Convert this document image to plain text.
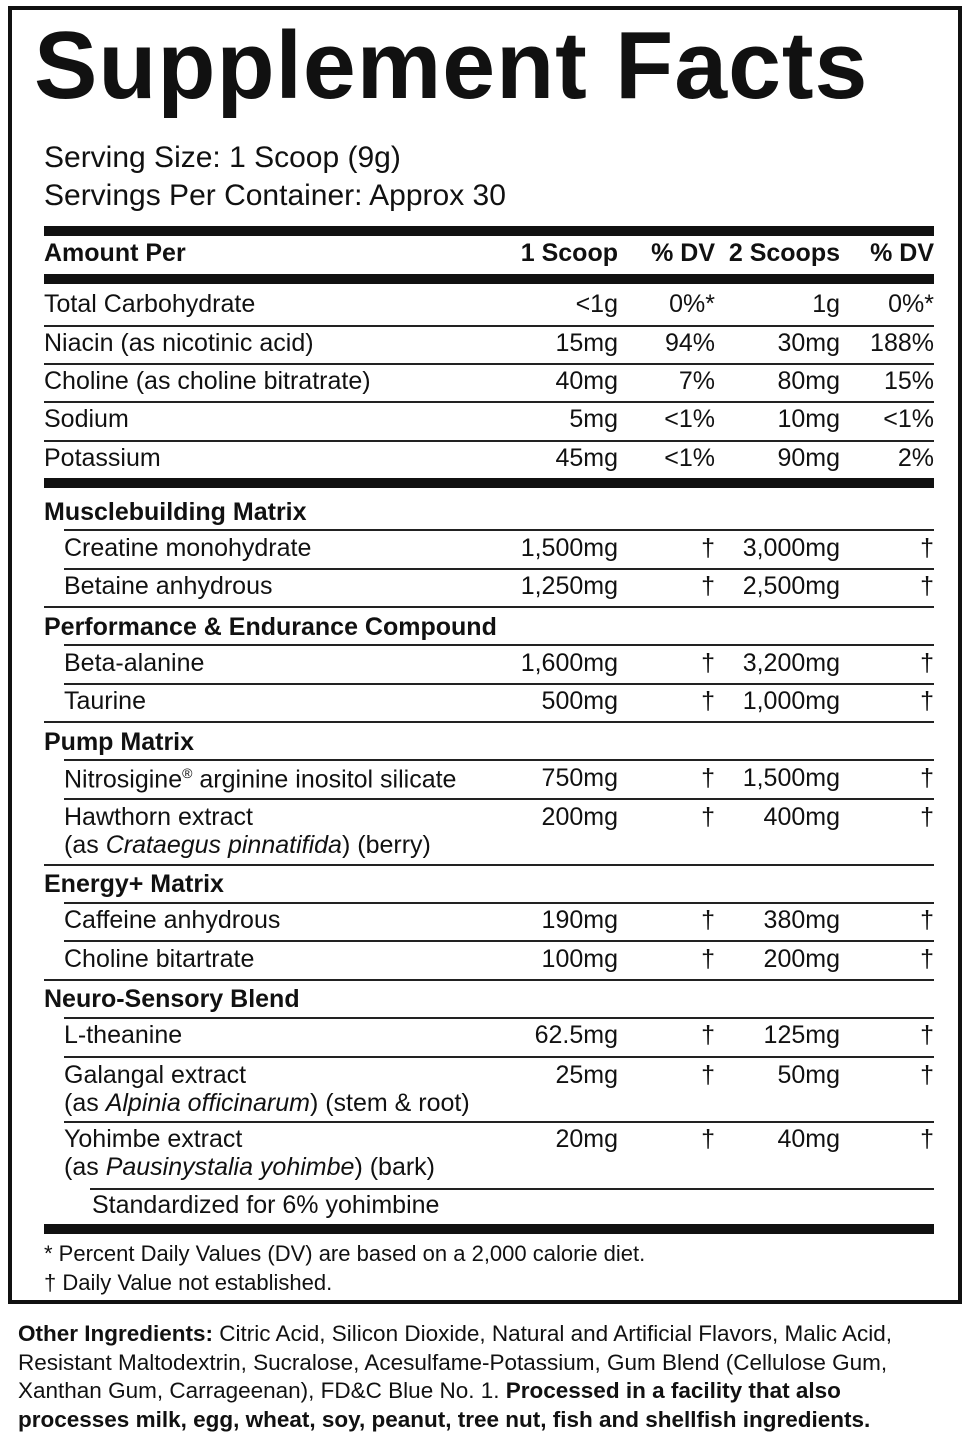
Supplement Facts
Serving Size: 1 Scoop (9g)
Servings Per Container: Approx 30
Amount Per	1 Scoop % DV 2 Scoops % DV
Total Carbohydrate	<1g 0%*	1g 0%*
Niacin (as nicotinic acid)	15mg 94% 30mg 188%
Choline (as choline bitratrate)	40mg 7% 80mg 15%
Sodium	5mg <1% 10mg <1%
Potassium	45mg <1% 90mg 2%
Musclebuilding Matrix
Creatine monohydrate	1,500mg	† 3,000mg	†
Betaine anhydrous	1,250mg	† 2,500mg	†
Performance & Endurance Compound
Beta-alanine	1,600mg	† 3,200mg	†
Taurine	500mg	† 1,000mg	†
Pump Matrix
Nitrosigine® arginine inositol silicate	750mg	† 1,500mg	†
Hawthorn extract
(as Crataegus pinnatifida) (berry)
200mg	† 400mg	†
Energy+ Matrix
Caffeine anhydrous	190mg	† 380mg	†
Choline bitartrate	100mg	† 200mg	†
Neuro-Sensory Blend
L-theanine	62.5mg	† 125mg	†
Galangal extract
(as Alpinia officinarum) (stem & root)
25mg	† 50mg	†
Yohimbe extract
(as Pausinystalia yohimbe) (bark)
20mg	† 40mg	†
Standardized for 6% yohimbine
* Percent Daily Values (DV) are based on a 2,000 calorie diet.
† Daily Value not established.
Other Ingredients: Citric Acid, Silicon Dioxide, Natural and Artificial Flavors, Malic Acid, Resistant Maltodextrin, Sucralose, Acesulfame-Potassium, Gum Blend (Cellulose Gum, Xanthan Gum, Carrageenan), FD&C Blue No. 1. Processed in a facility that also processes milk, egg, wheat, soy, peanut, tree nut, fish and shellfish ingredients.
